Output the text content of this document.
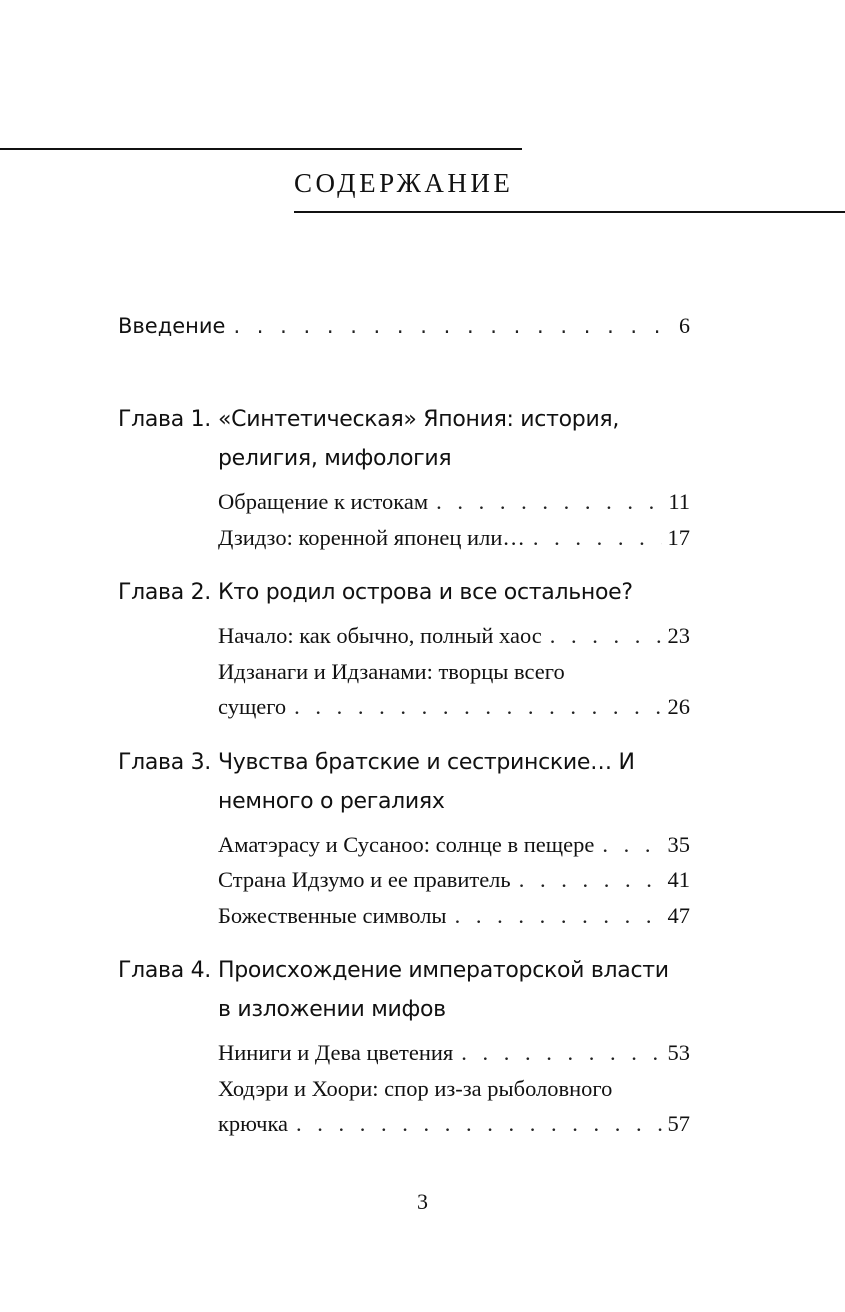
СОДЕРЖАНИЕ
Введение . . .	6
Глава 1. «Синтетическая» Япония: история, религия, мифология
Обращение к истокам . . .	11
Дзидзо: коренной японец или… . . .	17
Глава 2. Кто родил острова и все остальное?
Начало: как обычно, полный хаос . . .	23
Идзанаги и Идзанами: творцы всего
сущего . . .	26
Глава 3. Чувства братские и сестринские… И немного о регалиях
Аматэрасу и Сусаноо: солнце в пещере . . .	35
Страна Идзумо и ее правитель . . .	41
Божественные символы . . .	47
Глава 4. Происхождение императорской власти в изложении мифов
Ниниги и Дева цветения . . .	53
Ходэри и Хоори: спор из-за рыболовного
крючка . . .	57
3
